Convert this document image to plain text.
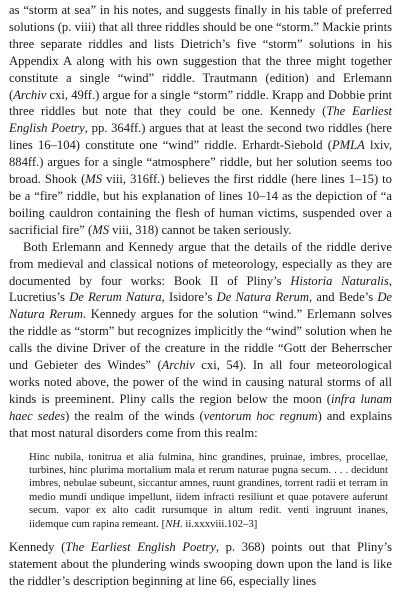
as “storm at sea” in his notes, and suggests finally in his table of preferred solutions (p. viii) that all three riddles should be one “storm.” Mackie prints three separate riddles and lists Dietrich’s five “storm” solutions in his Appendix A along with his own suggestion that the three might together constitute a single “wind” riddle. Trautmann (edition) and Erlemann (Archiv cxi, 49ff.) argue for a single “storm” riddle. Krapp and Dobbie print three riddles but note that they could be one. Kennedy (The Earliest English Poetry, pp. 364ff.) argues that at least the second two riddles (here lines 16–104) constitute one “wind” riddle. Erhardt-Siebold (PMLA lxiv, 884ff.) argues for a single “atmosphere” riddle, but her solution seems too broad. Shook (MS viii, 316ff.) believes the first riddle (here lines 1–15) to be a “fire” riddle, but his explanation of lines 10–14 as the depiction of “a boiling cauldron containing the flesh of human victims, suspended over a sacrificial fire” (MS viii, 318) cannot be taken seriously.

Both Erlemann and Kennedy argue that the details of the riddle derive from medieval and classical notions of meteorology, especially as they are documented by four works: Book II of Pliny’s Historia Naturalis, Lucretius’s De Rerum Natura, Isidore’s De Natura Rerum, and Bede’s De Natura Rerum. Kennedy argues for the solution “wind.” Erlemann solves the riddle as “storm” but recognizes implicitly the “wind” solution when he calls the divine Driver of the creature in the riddle “Gott der Beherrscher und Gebieter des Windes” (Archiv cxi, 54). In all four meteorological works noted above, the power of the wind in causing natural storms of all kinds is preeminent. Pliny calls the region below the moon (infra lunam haec sedes) the realm of the winds (ventorum hoc regnum) and explains that most natural disorders come from this realm:

Hinc nubila, tonitrua et alia fulmina, hinc grandines, pruinae, imbres, procellae, turbines, hinc plurima mortalium mala et rerum naturae pugna secum. . . . decidunt imbres, nebulae subeunt, siccantur amnes, ruunt grandines, torrent radii et terram in medio mundi undique impellunt, iidem infracti resiliunt et quae potavere auferunt secum. vapor ex alto cadit rursumque in altum redit. venti ingruunt inanes, iidemque cum rapina remeant. [NH. ii.xxxviii.102–3]

Kennedy (The Earliest English Poetry, p. 368) points out that Pliny’s statement about the plundering winds swooping down upon the land is like the riddler’s description beginning at line 66, especially lines
